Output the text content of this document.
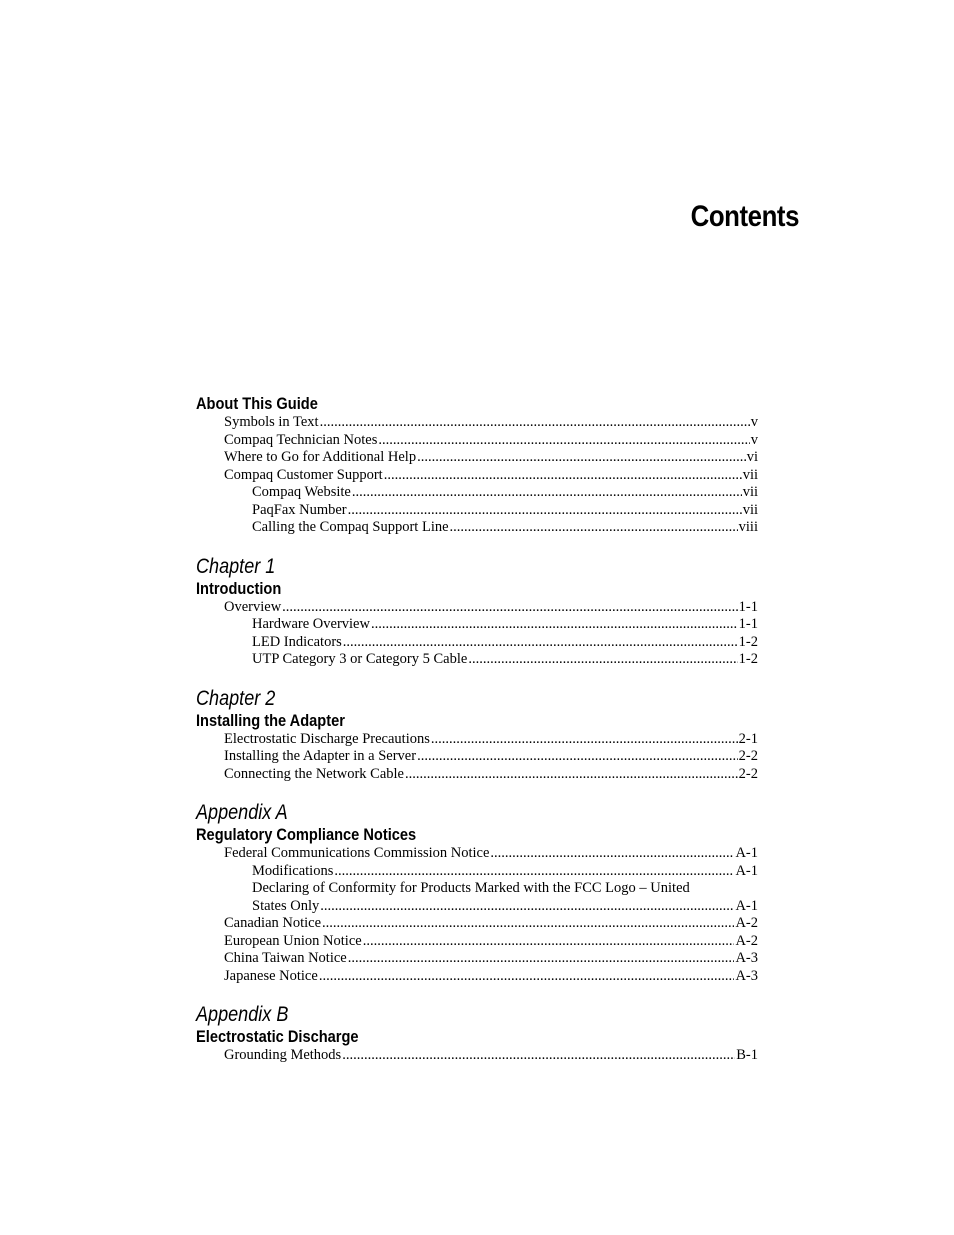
Contents
About This Guide
Symbols in Text .....	v
Compaq Technician Notes .....	v
Where to Go for Additional Help .....	vi
Compaq Customer Support .....	vii
Compaq Website .....	vii
PaqFax Number .....	vii
Calling the Compaq Support Line .....	viii
Chapter 1
Introduction
Overview .....	1-1
Hardware Overview .....	1-1
LED Indicators .....	1-2
UTP Category 3 or Category 5 Cable .....	1-2
Chapter 2
Installing the Adapter
Electrostatic Discharge Precautions .....	2-1
Installing the Adapter in a Server .....	2-2
Connecting the Network Cable .....	2-2
Appendix A
Regulatory Compliance Notices
Federal Communications Commission Notice .....	A-1
Modifications .....	A-1
Declaring of Conformity for Products Marked with the FCC Logo – United
States Only .....	A-1
Canadian Notice .....	A-2
European Union Notice .....	A-2
China Taiwan Notice .....	A-3
Japanese Notice .....	A-3
Appendix B
Electrostatic Discharge
Grounding Methods .....	B-1
